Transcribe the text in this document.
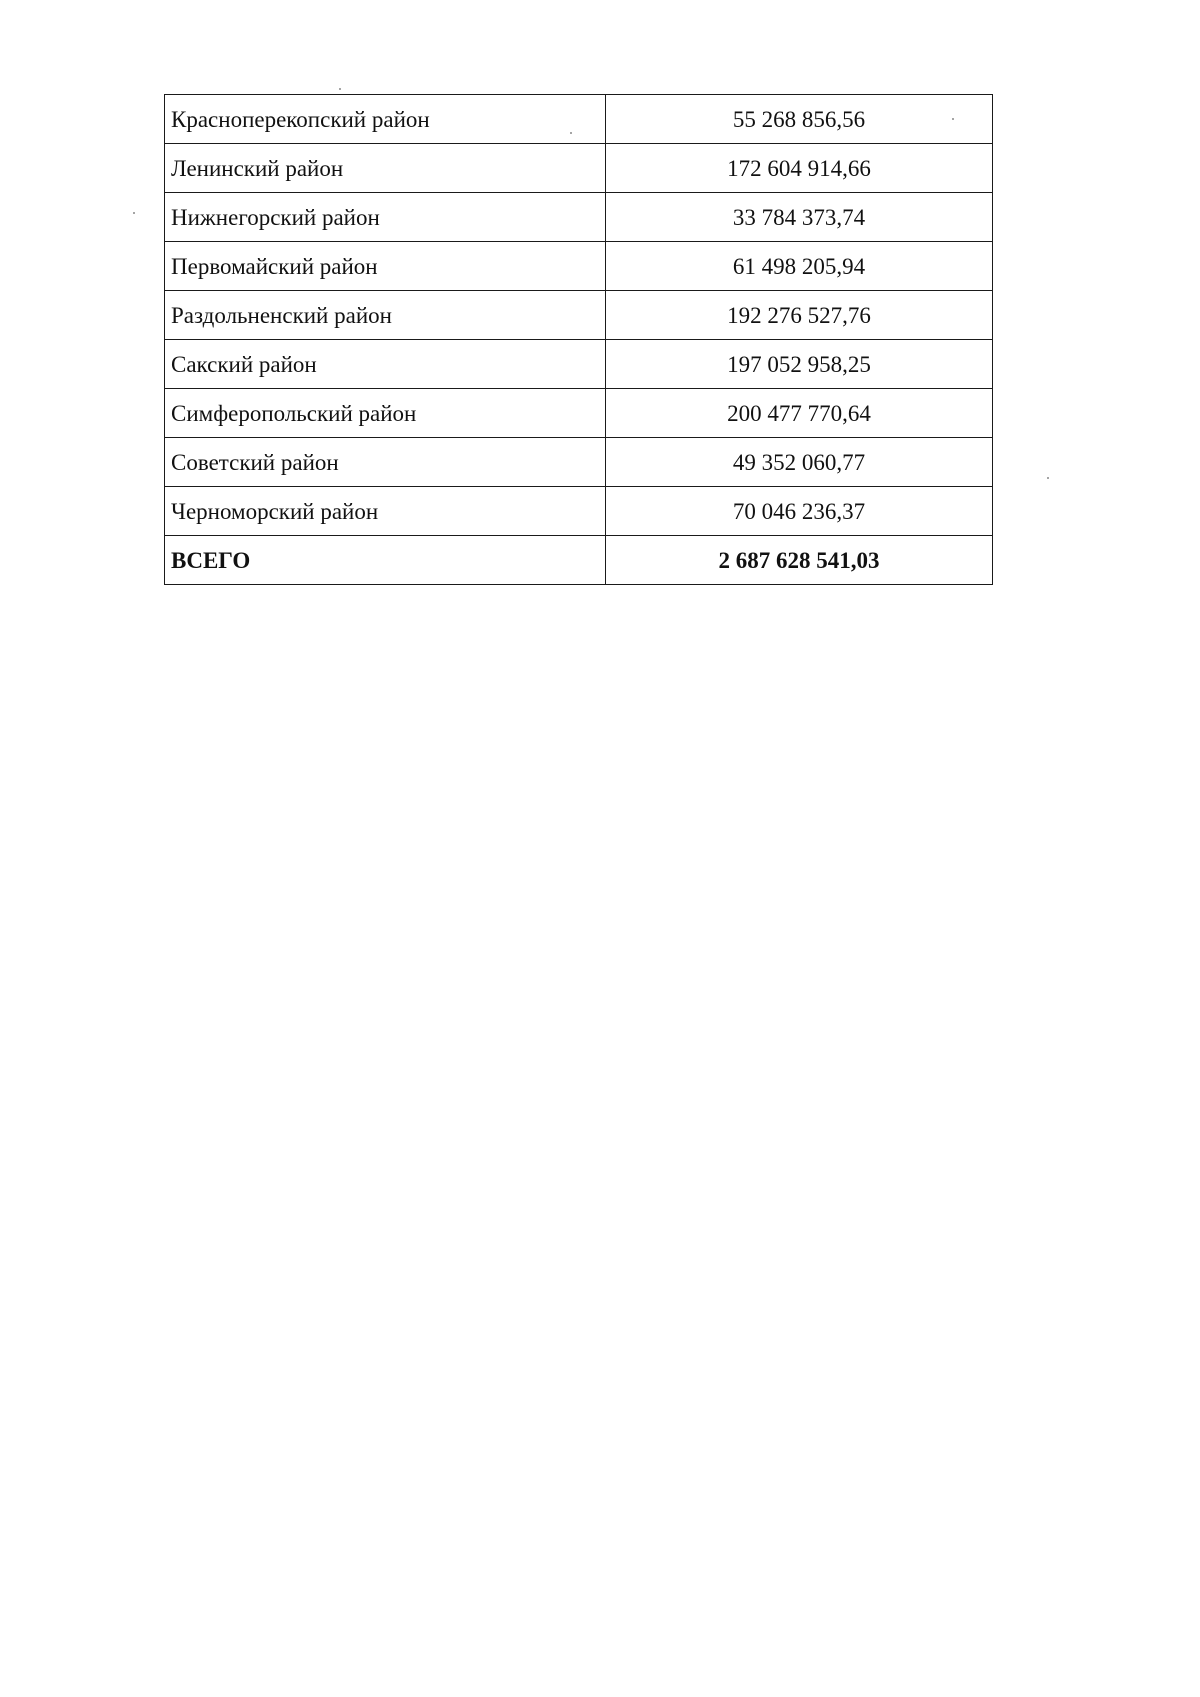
Красноперекопский район	55 268 856,56
Ленинский район	172 604 914,66
Нижнегорский район	33 784 373,74
Первомайский район	61 498 205,94
Раздольненский район	192 276 527,76
Сакский район	197 052 958,25
Симферопольский район	200 477 770,64
Советский район	49 352 060,77
Черноморский район	70 046 236,37
ВСЕГО	2 687 628 541,03
